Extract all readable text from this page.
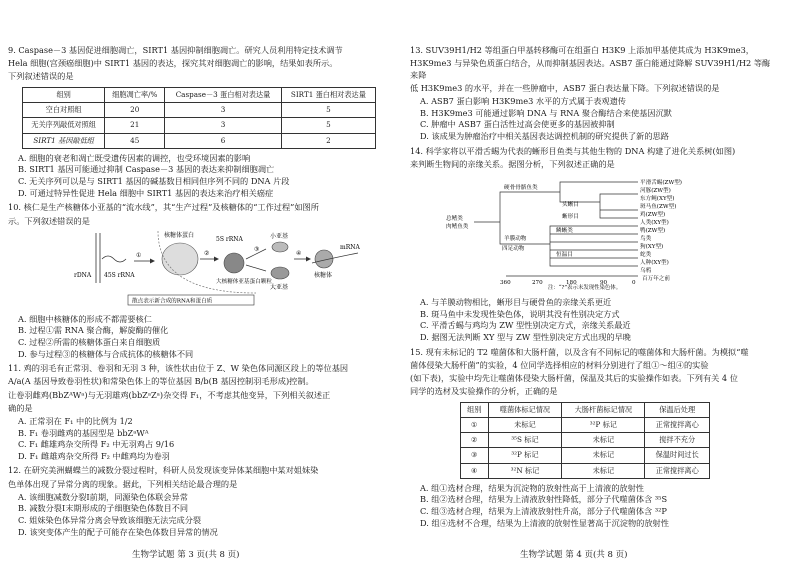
9. Caspase－3 基因促进细胞凋亡，SIRT1 基因抑制细胞凋亡。研究人员利用特定技术调节

Hela 细胞(宫颈癌细胞)中 SIRT1 基因的表达，探究其对细胞凋亡的影响，结果如表所示。

下列叙述错误的是

组别	细胞凋亡率/%	Caspase－3 蛋白相对表达量	SIRT1 蛋白相对表达量
空白对照组	20	3	5
无关序列敲低对照组	21	3	5
SIRT1 基因敲低组	45	6	2

A. 细胞的衰老和凋亡既受遗传因素的调控，也受环境因素的影响

B. SIRT1 基因可能通过抑制 Caspase－3 基因的表达来抑制细胞凋亡

C. 无关序列可以是与 SIRT1 基因的碱基数目相同但序列不同的 DNA 片段

D. 可通过特异性促进 Hela 细胞中 SIRT1 基因的表达来治疗相关癌症

10. 核仁是生产核糖体小亚基的“流水线”，其“生产过程”及核糖体的“工作过程”如图所

示。下列叙述错误的是

rDNA 45S rRNA
①
核糖体蛋白
②
5S rRNA
大核糖体亚基蛋白颗粒
小亚基
大亚基
③
④
mRNA
核糖体
散点表示新合成的RNA和蛋白质

A. 细胞中核糖体的形成不都需要核仁

B. 过程①需 RNA 聚合酶，解旋酶的催化

C. 过程②所需的核糖体蛋白来自细胞质

D. 参与过程③的核糖体与合成抗体的核糖体不同

11. 鸡的羽毛有正常羽、卷羽和无羽 3 种，该性状由位于 Z、W 染色体同源区段上的等位基因

A/a(A 基因导致卷羽性状)和常染色体上的等位基因 B/b(B 基因控制羽毛形成)控制。

让卷羽雌鸡(BbZᴬWᵃ)与无羽雄鸡(bbZᵃZᵃ)杂交得 F₁，不考虑其他变异，下列相关叙述正

确的是

A. 正常羽在 F₁ 中的比例为 1/2

B. F₁ 卷羽雌鸡的基因型是 bbZᵃWᴬ

C. F₁ 雌雄鸡杂交所得 F₂ 中无羽鸡占 9/16

D. F₁ 雌雄鸡杂交所得 F₂ 中雌鸡均为卷羽

12. 在研究美洲蝴蝶兰的减数分裂过程时，科研人员发现该变异体某细胞中某对姐妹染

色单体出现了异常分离的现象。据此，下列相关结论最合理的是

A. 该细胞减数分裂Ⅰ前期，同源染色体联会异常

B. 减数分裂Ⅰ末期形成的子细胞染色体数目不同

C. 姐妹染色体异常分离会导致该细胞无法完成分裂

D. 该突变体产生的配子可能存在染色体数目异常的情况

生物学试题 第 3 页(共 8 页)

13. SUV39H1/H2 等组蛋白甲基转移酶可在组蛋白 H3K9 上添加甲基使其成为 H3K9me3，

H3K9me3 与异染色质蛋白结合，从而抑制基因表达。ASB7 蛋白能通过降解 SUV39H1/H2 等酶来降

低 H3K9me3 的水平，并在一些肿瘤中，ASB7 蛋白表达量下降。下列叙述错误的是

A. ASB7 蛋白影响 H3K9me3 水平的方式属于表观遗传

B. H3K9me3 可能通过影响 DNA 与 RNA 聚合酶结合来使基因沉默

C. 肿瘤中 ASB7 蛋白活性过高会使更多的基因被抑制

D. 该成果为肿瘤治疗中相关基因表达调控机制的研究提供了新的思路

14. 科学家将以平滑舌蜴为代表的蜥形目鱼类与其他生物的 DNA 构建了进化关系树(如图)

来判断生物间的亲缘关系。据图分析，下列叙述正确的是

总鳍类
硬骨骨骼鱼类
头蜥目
蜥形目
羊膜动物
鳞蜥类
恒温目
肉鳍鱼类
四足动物
平滑舌蜴(ZW型)
河豚(ZW型)
东方鲀(XY型)
斑马鱼(ZW型)
鸡(ZW型)
人类(XY型)
鸭(ZW型)
鸟类
狗(XY型)
蛇类
人种(XY型)
乌鸦
360	270	180	90	0
百万年之前
注：“?”表示未发现性染色体。

A. 与羊膜动物相比，蜥形目与硬骨鱼的亲缘关系更近

B. 斑马鱼中未发现性染色体，说明其没有性别决定方式

C. 平滑舌蜴与鸡均为 ZW 型性别决定方式，亲缘关系最近

D. 据图无法判断 XY 型与 ZW 型性别决定方式出现的早晚

15. 现有未标记的 T2 噬菌体和大肠杆菌，以及含有不同标记的噬菌体和大肠杆菌。为模拟“噬

菌体侵染大肠杆菌”的实验，4 位同学选择相应的材料分别进行了组①～组④的实验

(如下表)，实验中均先让噬菌体侵染大肠杆菌，保温及其后的实验操作如表。下列有关 4 位

同学的选材及实验操作的分析，正确的是

组别	噬菌体标记情况	大肠杆菌标记情况	保温后处理
①	未标记	³²P 标记	正常搅拌离心
②	³⁵S 标记	未标记	搅拌不充分
③	³²P 标记	未标记	保温时间过长
④	³²N 标记	未标记	正常搅拌离心

A. 组①选材合理，结果为沉淀物的放射性高于上清液的放射性

B. 组②选材合理，结果为上清液放射性降低，部分子代噬菌体含 ³⁵S

C. 组③选材合理，结果为上清液放射性升高，部分子代噬菌体含 ³²P

D. 组④选材不合理，结果为上清液的放射性显著高于沉淀物的放射性

生物学试题 第 4 页(共 8 页)
